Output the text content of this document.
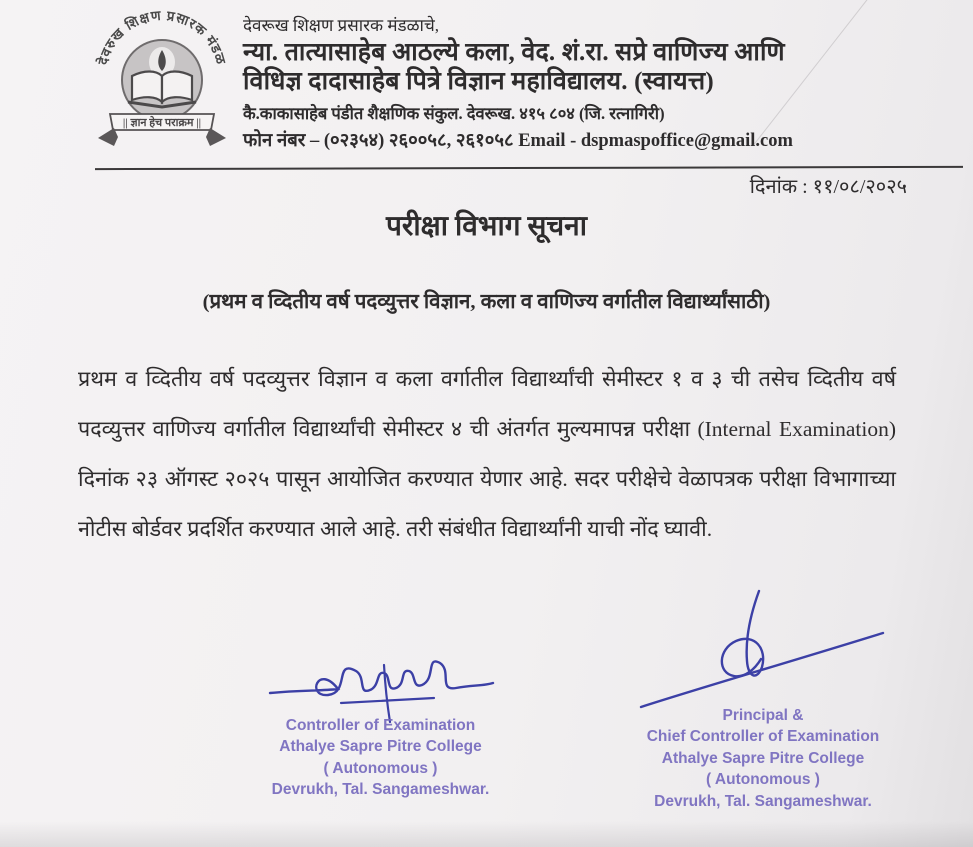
देवरुख शिक्षण प्रसारक मंडळ
|| ज्ञान हेच पराक्रम ||

देवरूख शिक्षण प्रसारक मंडळाचे,

न्या. तात्यासाहेब आठल्ये कला, वेद. शं.रा. सप्रे वाणिज्य आणि

विधिज्ञ दादासाहेब पित्रे विज्ञान महाविद्यालय. (स्वायत्त)

कै.काकासाहेब पंडीत शैक्षणिक संकुल. देवरूख. ४१५ ८०४ (जि. रत्नागिरी)

फोन नंबर – (०२३५४) २६००५८, २६१०५८ Email - dspmaspoffice@gmail.com

दिनांक : ११/०८/२०२५
परीक्षा विभाग सूचना

(प्रथम व व्दितीय वर्ष पदव्युत्तर विज्ञान, कला व वाणिज्य वर्गातील विद्यार्थ्यांसाठी)

प्रथम व व्दितीय वर्ष पदव्युत्तर विज्ञान व कला वर्गातील विद्यार्थ्यांची सेमीस्टर १ व ३ ची तसेच व्दितीय वर्ष पदव्युत्तर वाणिज्य वर्गातील विद्यार्थ्यांची सेमीस्टर ४ ची अंतर्गत मुल्यमापन्न परीक्षा (Internal Examination) दिनांक २३ ऑगस्ट २०२५ पासून आयोजित करण्यात येणार आहे. सदर परीक्षेचे वेळापत्रक परीक्षा विभागाच्या नोटीस बोर्डवर प्रदर्शित करण्यात आले आहे. तरी संबंधीत विद्यार्थ्यांनी याची नोंद घ्यावी.

Controller of Examination
Athalye Sapre Pitre College
( Autonomous )
Devrukh, Tal. Sangameshwar.
Principal &
Chief Controller of Examination
Athalye Sapre Pitre College
( Autonomous )
Devrukh, Tal. Sangameshwar.
